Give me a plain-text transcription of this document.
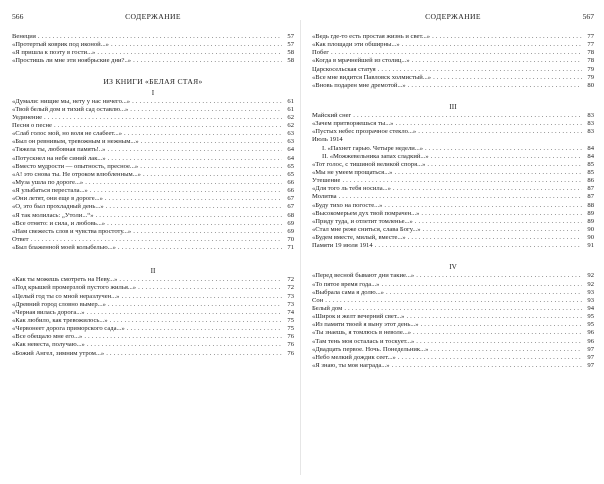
566	СОДЕРЖАНИЕ
Венеция . . .	57
«Протертый коврик под иконой...» . . .	57
«Я пришла к поэту в гости...» . . .	58
«Простишь ли мне эти ноябрьские дни?..» . . .	58
ИЗ КНИГИ «БЕЛАЯ СТАЯ»
I
«Думали: нищие мы, нету у нас ничего...» . . .	61
«Твой белый дом и тихий сад оставлю...» . . .	61
Уединение . . .	62
Песня о песне . . .	62
«Слаб голос мой, но воля не слабеет...» . . .	63
«Был он ревнивым, тревожным и нежным...» . . .	63
«Тяжела ты, любовная память!..» . . .	64
«Потускнел на небе синий лак...» . . .	64
«Вместо мудрости — опытность, пресное...» . . .	65
«А! это снова ты. Не отроком влюбленным...» . . .	65
«Муза ушла по дороге...» . . .	66
«Я улыбаться перестала...» . . .	66
«Они летят, они еще в дороге...» . . .	67
«О, это был прохладный день...» . . .	67
«Я так молилась: „Утоли...“» . . .	68
«Все отнято: и сила, и любовь...» . . .	69
«Нам свежесть слов и чувства простоту...» . . .	69
Ответ . . .	70
«Был блаженной моей колыбелью...» . . .	71
II
«Как ты можешь смотреть на Неву...» . . .	72
«Под крышей промерзлой пустого жилья...» . . .	72
«Целый год ты со мной неразлучен...» . . .	73
«Древний город словно вымер...» . . .	73
«Черная вилась дорога...» . . .	74
«Как любило, как тревожилось...» . . .	75
«Червонеет дорога приморского сада...» . . .	75
«Все обещало мне его...» . . .	76
«Как невеста, получаю...» . . .	76
«Божий Ангел, зимним утром...» . . .	76
СОДЕРЖАНИЕ	567
«Ведь где-то есть простая жизнь и свет...» . . .	77
«Как площади эти обширны...» . . .	77
Побег . . .	78
«Когда в мрачнейшей из столиц...» . . .	78
Царскосельская статуя . . .	79
«Все мне видится Павловск холмистый...» . . .	79
«Вновь подарен мне дремотой...» . . .	80
III
Майский снег . . .	83
«Зачем притворяешься ты...» . . .	83
«Пустых небес прозрачное стекло...» . . .	83
Июль 1914
I. «Пахнет гарью. Четыре недели...» . . .	84
II. «Можжевельника запах сладкий...» . . .	84
«Тот голос, с тишиной великой споря...» . . .	85
«Мы не умеем прощаться...» . . .	85
Утешение . . .	86
«Для того ль тебя носила...» . . .	87
Молитва . . .	87
«Буду тихо на погосте...» . . .	88
«Высокомерьем дух твой помрачен...» . . .	89
«Приду туда, и отлетит томленье...» . . .	89
«Стал мне реже сниться, слава Богу...» . . .	90
«Будем вместе, милый, вместе...» . . .	90
Памяти 19 июля 1914 . . .	91
IV
«Перед весной бывают дни такие...» . . .	92
«То пятое время года...» . . .	92
«Выбрала сама я долю...» . . .	93
Сон . . .	93
Белый дом . . .	94
«Широк и желт вечерний свет...» . . .	95
«Из памяти твоей я выну этот день...» . . .	95
«Ты знаешь, я томлюсь в неволе...» . . .	96
«Там тень моя осталась и тоскует...» . . .	96
«Двадцать первое. Ночь. Понедельник...» . . .	97
«Небо мелкий дождик сеет...» . . .	97
«Я знаю, ты моя награда...» . . .	97
